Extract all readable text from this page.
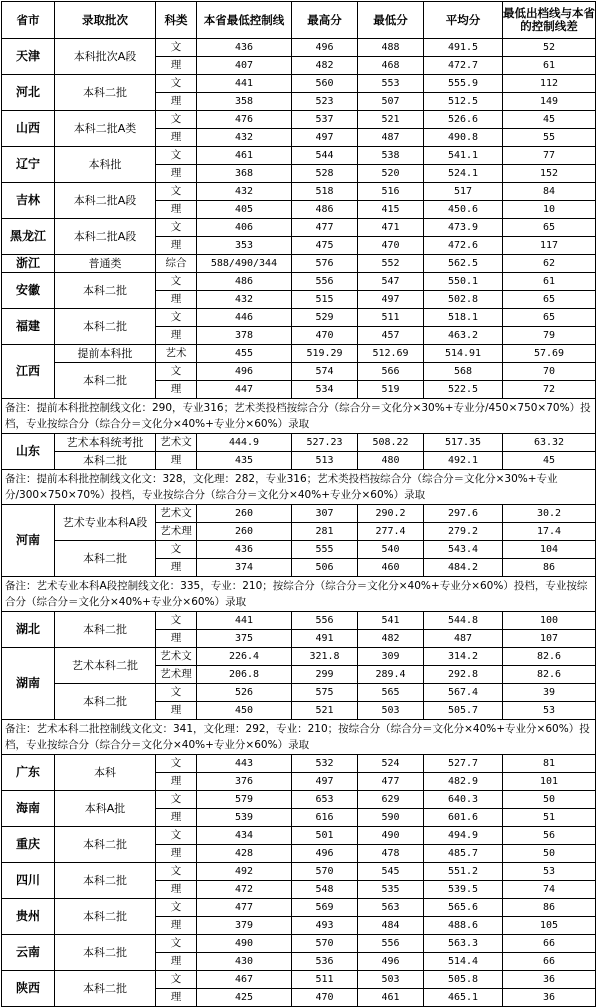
省市	录取批次	科类	本省最低控制线	最高分	最低分	平均分	最低出档线与本省的控制线差
天津	本科批次A段	文	436	496	488	491.5	52
		理	407	482	468	472.7	61
河北	本科二批	文	441	560	553	555.9	112
		理	358	523	507	512.5	149
山西	本科二批A类	文	476	537	521	526.6	45
		理	432	497	487	490.8	55
辽宁	本科批	文	461	544	538	541.1	77
		理	368	528	520	524.1	152
吉林	本科二批A段	文	432	518	516	517	84
		理	405	486	415	450.6	10
黑龙江	本科二批A段	文	406	477	471	473.9	65
		理	353	475	470	472.6	117
浙江	普通类	综合	588/490/344	576	552	562.5	62
安徽	本科二批	文	486	556	547	550.1	61
		理	432	515	497	502.8	65
福建	本科二批	文	446	529	511	518.1	65
		理	378	470	457	463.2	79
江西	提前本科批	艺术	455	519.29	512.69	514.91	57.69
	本科二批	文	496	574	566	568	70
		理	447	534	519	522.5	72
备注：提前本科批控制线文化：290，专业316；艺术类投档按综合分（综合分＝文化分×30%+专业分/450×750×70%）投档，专业按综合分（综合分＝文化分×40%+专业分×60%）录取							
山东	艺术本科统考批	艺术文	444.9	527.23	508.22	517.35	63.32
	本科二批	理	435	513	480	492.1	45
备注：提前本科批控制线文化文：328，文化理：282，专业316；艺术类投档按综合分（综合分＝文化分×30%+专业分/300×750×70%）投档，专业按综合分（综合分＝文化分×40%+专业分×60%）录取							
河南	艺术专业本科A段	艺术文	260	307	290.2	297.6	30.2
		艺术理	260	281	277.4	279.2	17.4
	本科二批	文	436	555	540	543.4	104
		理	374	506	460	484.2	86
备注：艺术专业本科A段控制线文化：335，专业：210；按综合分（综合分＝文化分×40%+专业分×60%）投档，专业按综合分（综合分＝文化分×40%+专业分×60%）录取							
湖北	本科二批	文	441	556	541	544.8	100
		理	375	491	482	487	107
湖南	艺术本科二批	艺术文	226.4	321.8	309	314.2	82.6
		艺术理	206.8	299	289.4	292.8	82.6
	本科二批	文	526	575	565	567.4	39
		理	450	521	503	505.7	53
备注：艺术本科二批控制线文化文：341，文化理：292，专业：210；按综合分（综合分＝文化分×40%+专业分×60%）投档，专业按综合分（综合分＝文化分×40%+专业分×60%）录取							
广东	本科	文	443	532	524	527.7	81
		理	376	497	477	482.9	101
海南	本科A批	文	579	653	629	640.3	50
		理	539	616	590	601.6	51
重庆	本科二批	文	434	501	490	494.9	56
		理	428	496	478	485.7	50
四川	本科二批	文	492	570	545	551.2	53
		理	472	548	535	539.5	74
贵州	本科二批	文	477	569	563	565.6	86
		理	379	493	484	488.6	105
云南	本科二批	文	490	570	556	563.3	66
		理	430	536	496	514.4	66
陕西	本科二批	文	467	511	503	505.8	36
		理	425	470	461	465.1	36
